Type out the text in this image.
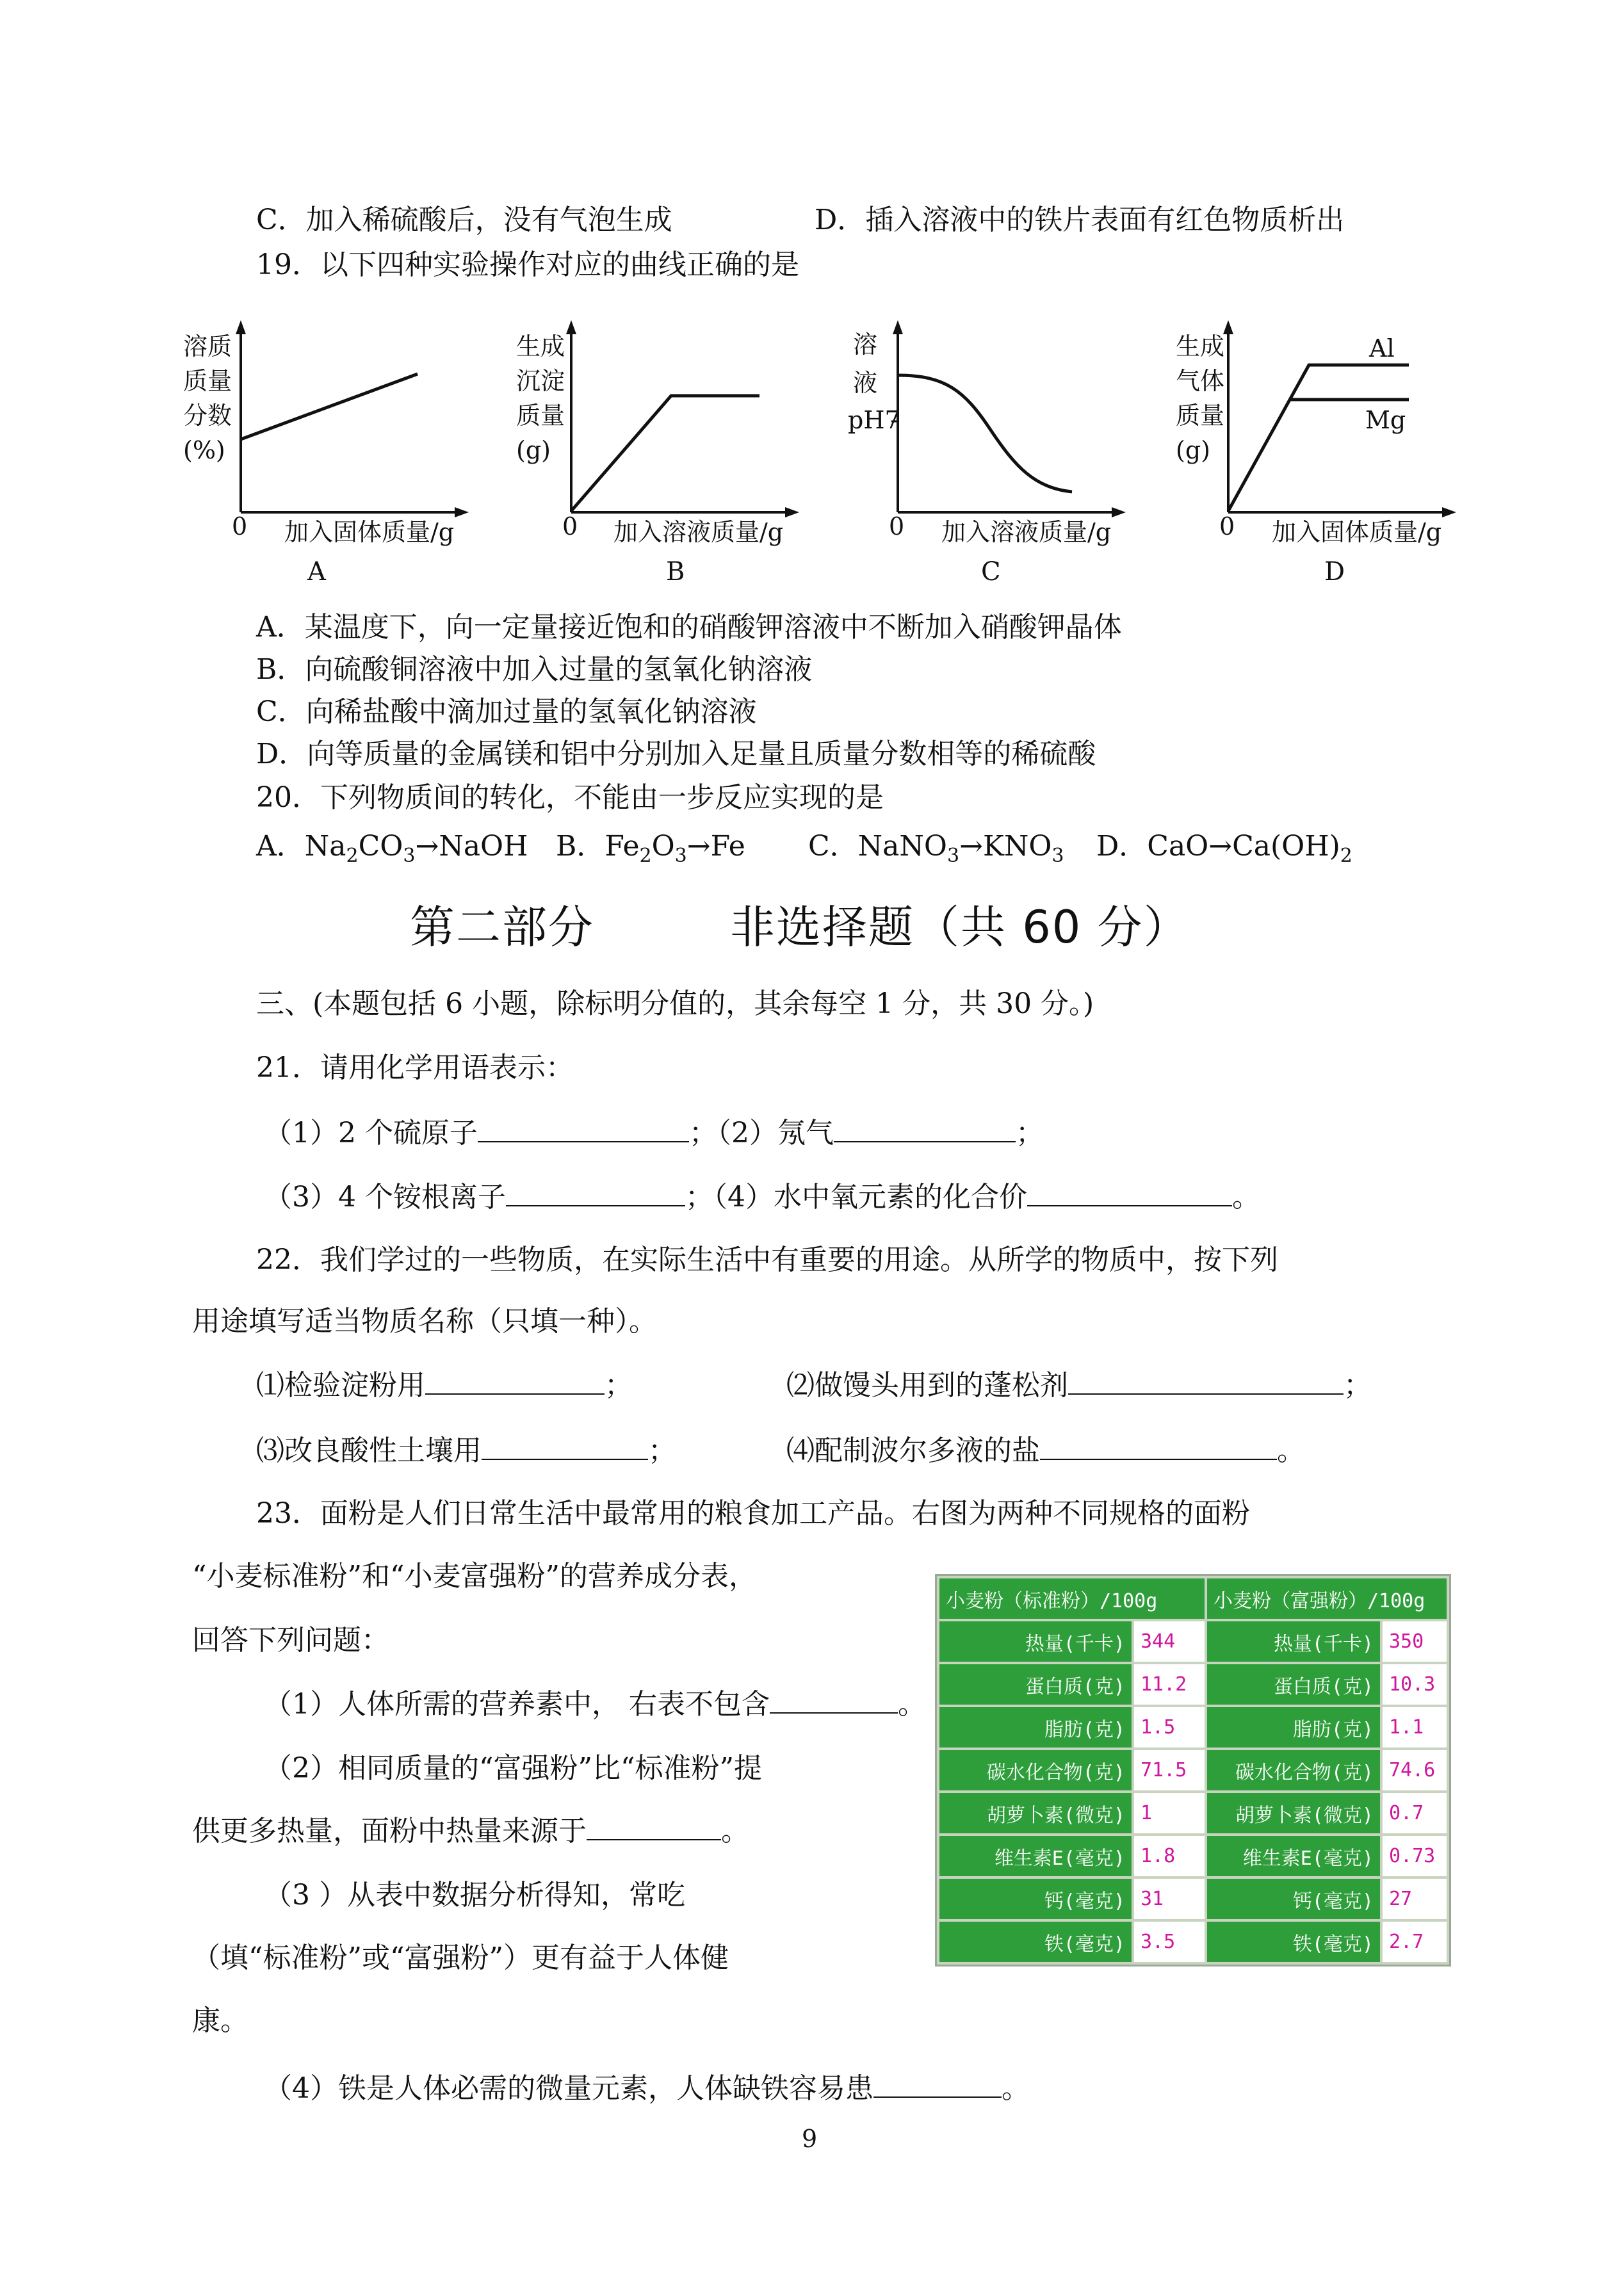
C．加入稀硫酸后，没有气泡生成	D．插入溶液中的铁片表面有红色物质析出
19．以下四种实验操作对应的曲线正确的是
溶质
质量
分数
(%)
0 加入固体质量/g
A
生成
沉淀
质量
(g)
0 加入溶液质量/g
B
溶
液
pH7
0 加入溶液质量/g
C
生成
气体
质量
(g)
Al
Mg
0 加入固体质量/g
D
A．某温度下，向一定量接近饱和的硝酸钾溶液中不断加入硝酸钾晶体
B．向硫酸铜溶液中加入过量的氢氧化钠溶液
C．向稀盐酸中滴加过量的氢氧化钠溶液
D．向等质量的金属镁和铝中分别加入足量且质量分数相等的稀硫酸
20．下列物质间的转化，不能由一步反应实现的是
A．$Na_2CO_3\to NaOH$ B．$Fe_2O_3\to Fe$ C．$NaNO_3\to KNO_3$ D．$CaO\to Ca(OH)_2$
第二部分	非选择题（共 60 分）
三、(本题包括 6 小题，除标明分值的，其余每空 1 分，共 30 分。)
21．请用化学用语表示：
（1）2 个硫原子	；（2）氖气	；
（3）4 个铵根离子	；（4）水中氧元素的化合价	。
22．我们学过的一些物质，在实际生活中有重要的用途。从所学的物质中，按下列
用途填写适当物质名称（只填一种）。
⑴检验淀粉用	；	⑵做馒头用到的蓬松剂	；
⑶改良酸性土壤用	；	⑷配制波尔多液的盐	。
23．面粉是人们日常生活中最常用的粮食加工产品。右图为两种不同规格的面粉
“小麦标准粉”和“小麦富强粉”的营养成分表，
回答下列问题：
（1）人体所需的营养素中， 右表不包含	。
（2）相同质量的“富强粉”比“标准粉”提
供更多热量，面粉中热量来源于	。
（3 ）从表中数据分析得知，常吃
（填“标准粉”或“富强粉”）更有益于人体健
康。
（4）铁是人体必需的微量元素，人体缺铁容易患	。
小麦粉（标准粉）/100g		小麦粉（富强粉）/100g	
热量(千卡)	344	热量(千卡)	350
蛋白质(克)	11.2	蛋白质(克)	10.3
脂肪(克)	1.5	脂肪(克)	1.1
碳水化合物(克)	71.5	碳水化合物(克)	74.6
胡萝卜素(微克)	1	胡萝卜素(微克)	0.7
维生素E(毫克)	1.8	维生素E(毫克)	0.73
钙(毫克)	31	钙(毫克)	27
铁(毫克)	3.5	铁(毫克)	2.7
9
